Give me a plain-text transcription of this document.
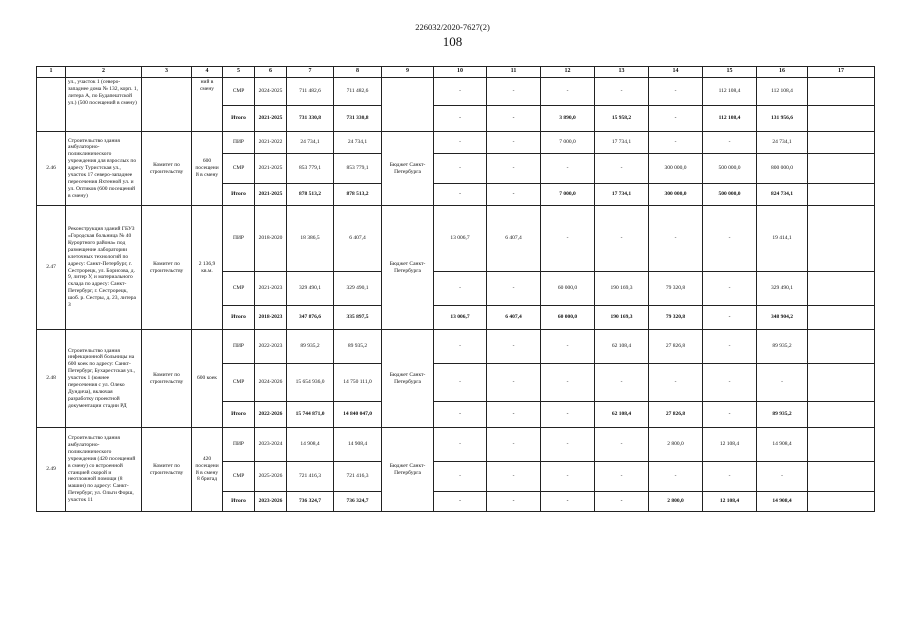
226032/2020-7627(2)
108
1	2	3	4	5	6	7	8	9	10	11	12	13	14	15	16	17
	ул., участок 1 (северо-западнее дома № 132, корп. 1, литера А, по Будапештской ул.) (500 посещений в смену)		ний в смену	СМР	2024-2025	711 482,6	711 482,6		-	-	-	-	-	112 108,4	112 108,4	
				Итого	2021-2025	731 330,8	731 330,8		-	-	3 890,0	15 958,2	-	112 108,4	131 956,6	
2.46	Строительство здания амбулаторно-поликлинического учреждения для взрослых по адресу Туристская ул., участок 17 северо-западнее пересечения Яхтенной ул. и ул. Оптиков (600 посещений в смену)	Комитет по строительству	600 посещений в смену	ПИР	2021-2022	24 734,1	24 734,1	Бюджет Санкт-Петербурга	-	-	7 000,0	17 734,1	-	-	24 734,1	
				СМР	2021-2025	853 779,1	853 779,1		-	-	-	-	300 000,0	500 000,0	800 000,0	
				Итого	2021-2025	878 513,2	878 513,2		-	-	7 000,0	17 734,1	300 000,0	500 000,0	824 734,1	
2.47	Реконструкция зданий ГБУЗ «Городская больница № 40 Курортного района» под размещение лаборатории клеточных технологий по адресу: Санкт-Петербург, г. Сестрорецк, ул. Борисова, д. 9, литер У, и материального склада по адресу: Санкт-Петербург, г. Сестрорецк, шоб. р. Сестры, д. 23, литера З	Комитет по строительству	2 136,9 кв.м.	ПИР	2018-2020	18 386,5	6 407,4	Бюджет Санкт-Петербурга	13 006,7	6 407,4	-	-	-	-	19 414,1	
				СМР	2021-2023	329 490,1	329 490,1		-	-	60 000,0	190 169,3	79 320,8	-	329 490,1	
				Итого	2018-2023	347 876,6	335 897,5		13 006,7	6 407,4	60 000,0	190 169,3	79 320,8	-	348 904,2	
2.48	Строительство здания инфекционной больницы на 600 коек по адресу: Санкт-Петербург, Бухарестская ул., участок 1 (южнее пересечения с ул. Олеко Дундича), включая разработку проектной документации стадии РД	Комитет по строительству	600 коек	ПИР	2022-2023	89 935,2	89 935,2	Бюджет Санкт-Петербурга	-	-	-	62 108,4	27 826,8	-	89 935,2	
				СМР	2024-2026	15 654 936,0	14 750 111,0		-	-	-	-	-	-	-	
				Итого	2022-2026	15 744 871,0	14 840 047,0		-	-	-	62 108,4	27 826,8	-	89 935,2	
2.49	Строительство здания амбулаторно-поликлинического учреждения (420 посещений в смену) со встроенной станцией скорой и неотложной помощи (8 машин) по адресу: Санкт-Петербург, ул. Ольги Форш, участок 11	Комитет по строительству	420 посещений в смену 8 бригад	ПИР	2023-2024	14 908,4	14 908,4	Бюджет Санкт-Петербурга	-	-	-	-	2 800,0	12 108,4	14 908,4	
				СМР	2025-2026	721 416,3	721 416,3		-	-	-	-	-	-	-	
				Итого	2023-2026	736 324,7	736 324,7		-	-	-	-	2 800,0	12 108,4	14 908,4	
